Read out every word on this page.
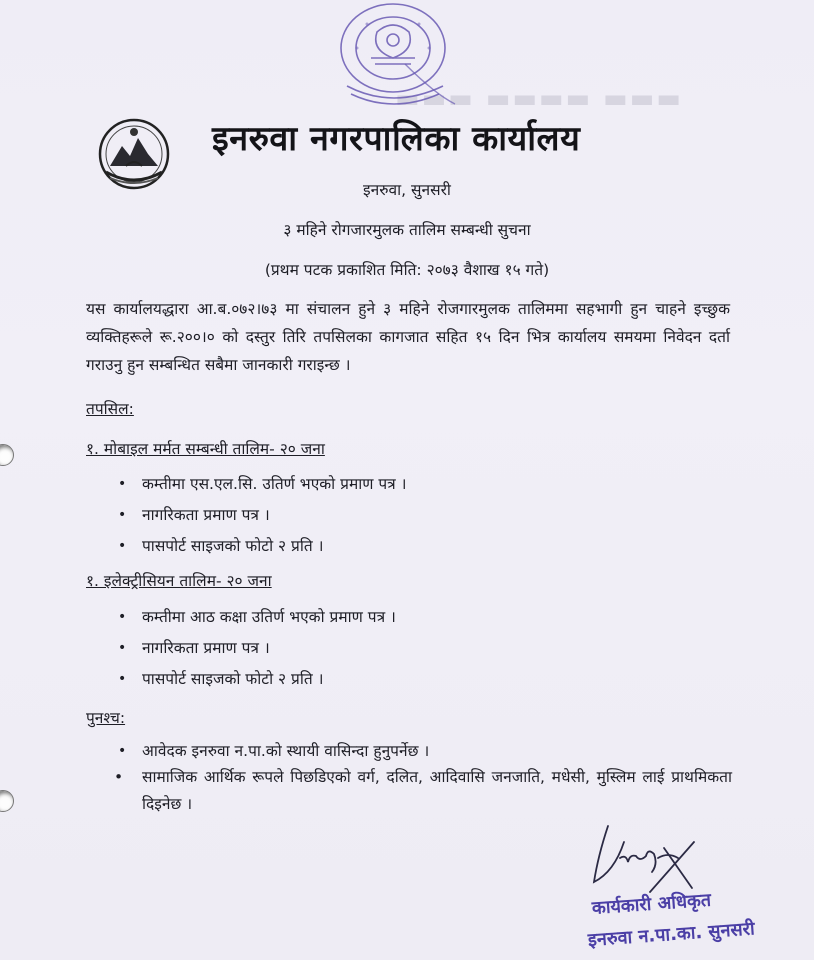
▬▬▬ ▬▬▬▬ ▬▬▬
इनरुवा नगरपालिका कार्यालय
इनरुवा, सुनसरी
३ महिने रोगजारमुलक तालिम सम्बन्धी सुचना
(प्रथम पटक प्रकाशित मिति: २०७३ वैशाख १५ गते)
यस कार्यालयद्धारा आ.ब.०७२।७३ मा संचालन हुने ३ महिने रोजगारमुलक तालिममा सहभागी हुन चाहने इच्छुक व्यक्तिहरूले रू.२००।० को दस्तुर तिरि तपसिलका कागजात सहित १५ दिन भित्र कार्यालय समयमा निवेदन दर्ता गराउनु हुन सम्बन्धित सबैमा जानकारी गराइन्छ ।
तपसिल:
१. मोबाइल मर्मत सम्बन्धी तालिम- २० जना
• कम्तीमा एस.एल.सि. उतिर्ण भएको प्रमाण पत्र ।
• नागरिकता प्रमाण पत्र ।
• पासपोर्ट साइजको फोटो २ प्रति ।
१. इलेक्ट्रीसियन तालिम- २० जना
• कम्तीमा आठ कक्षा उतिर्ण भएको प्रमाण पत्र ।
• नागरिकता प्रमाण पत्र ।
• पासपोर्ट साइजको फोटो २ प्रति ।
पुनश्च:
• आवेदक इनरुवा न.पा.को स्थायी वासिन्दा हुनुपर्नेछ ।
•	सामाजिक आर्थिक रूपले पिछडिएको वर्ग, दलित, आदिवासि जनजाति, मधेसी, मुस्लिम लाई प्राथमिकता दिइनेछ ।
कार्यकारी अधिकृत
इनरुवा न.पा.का. सुनसरी
